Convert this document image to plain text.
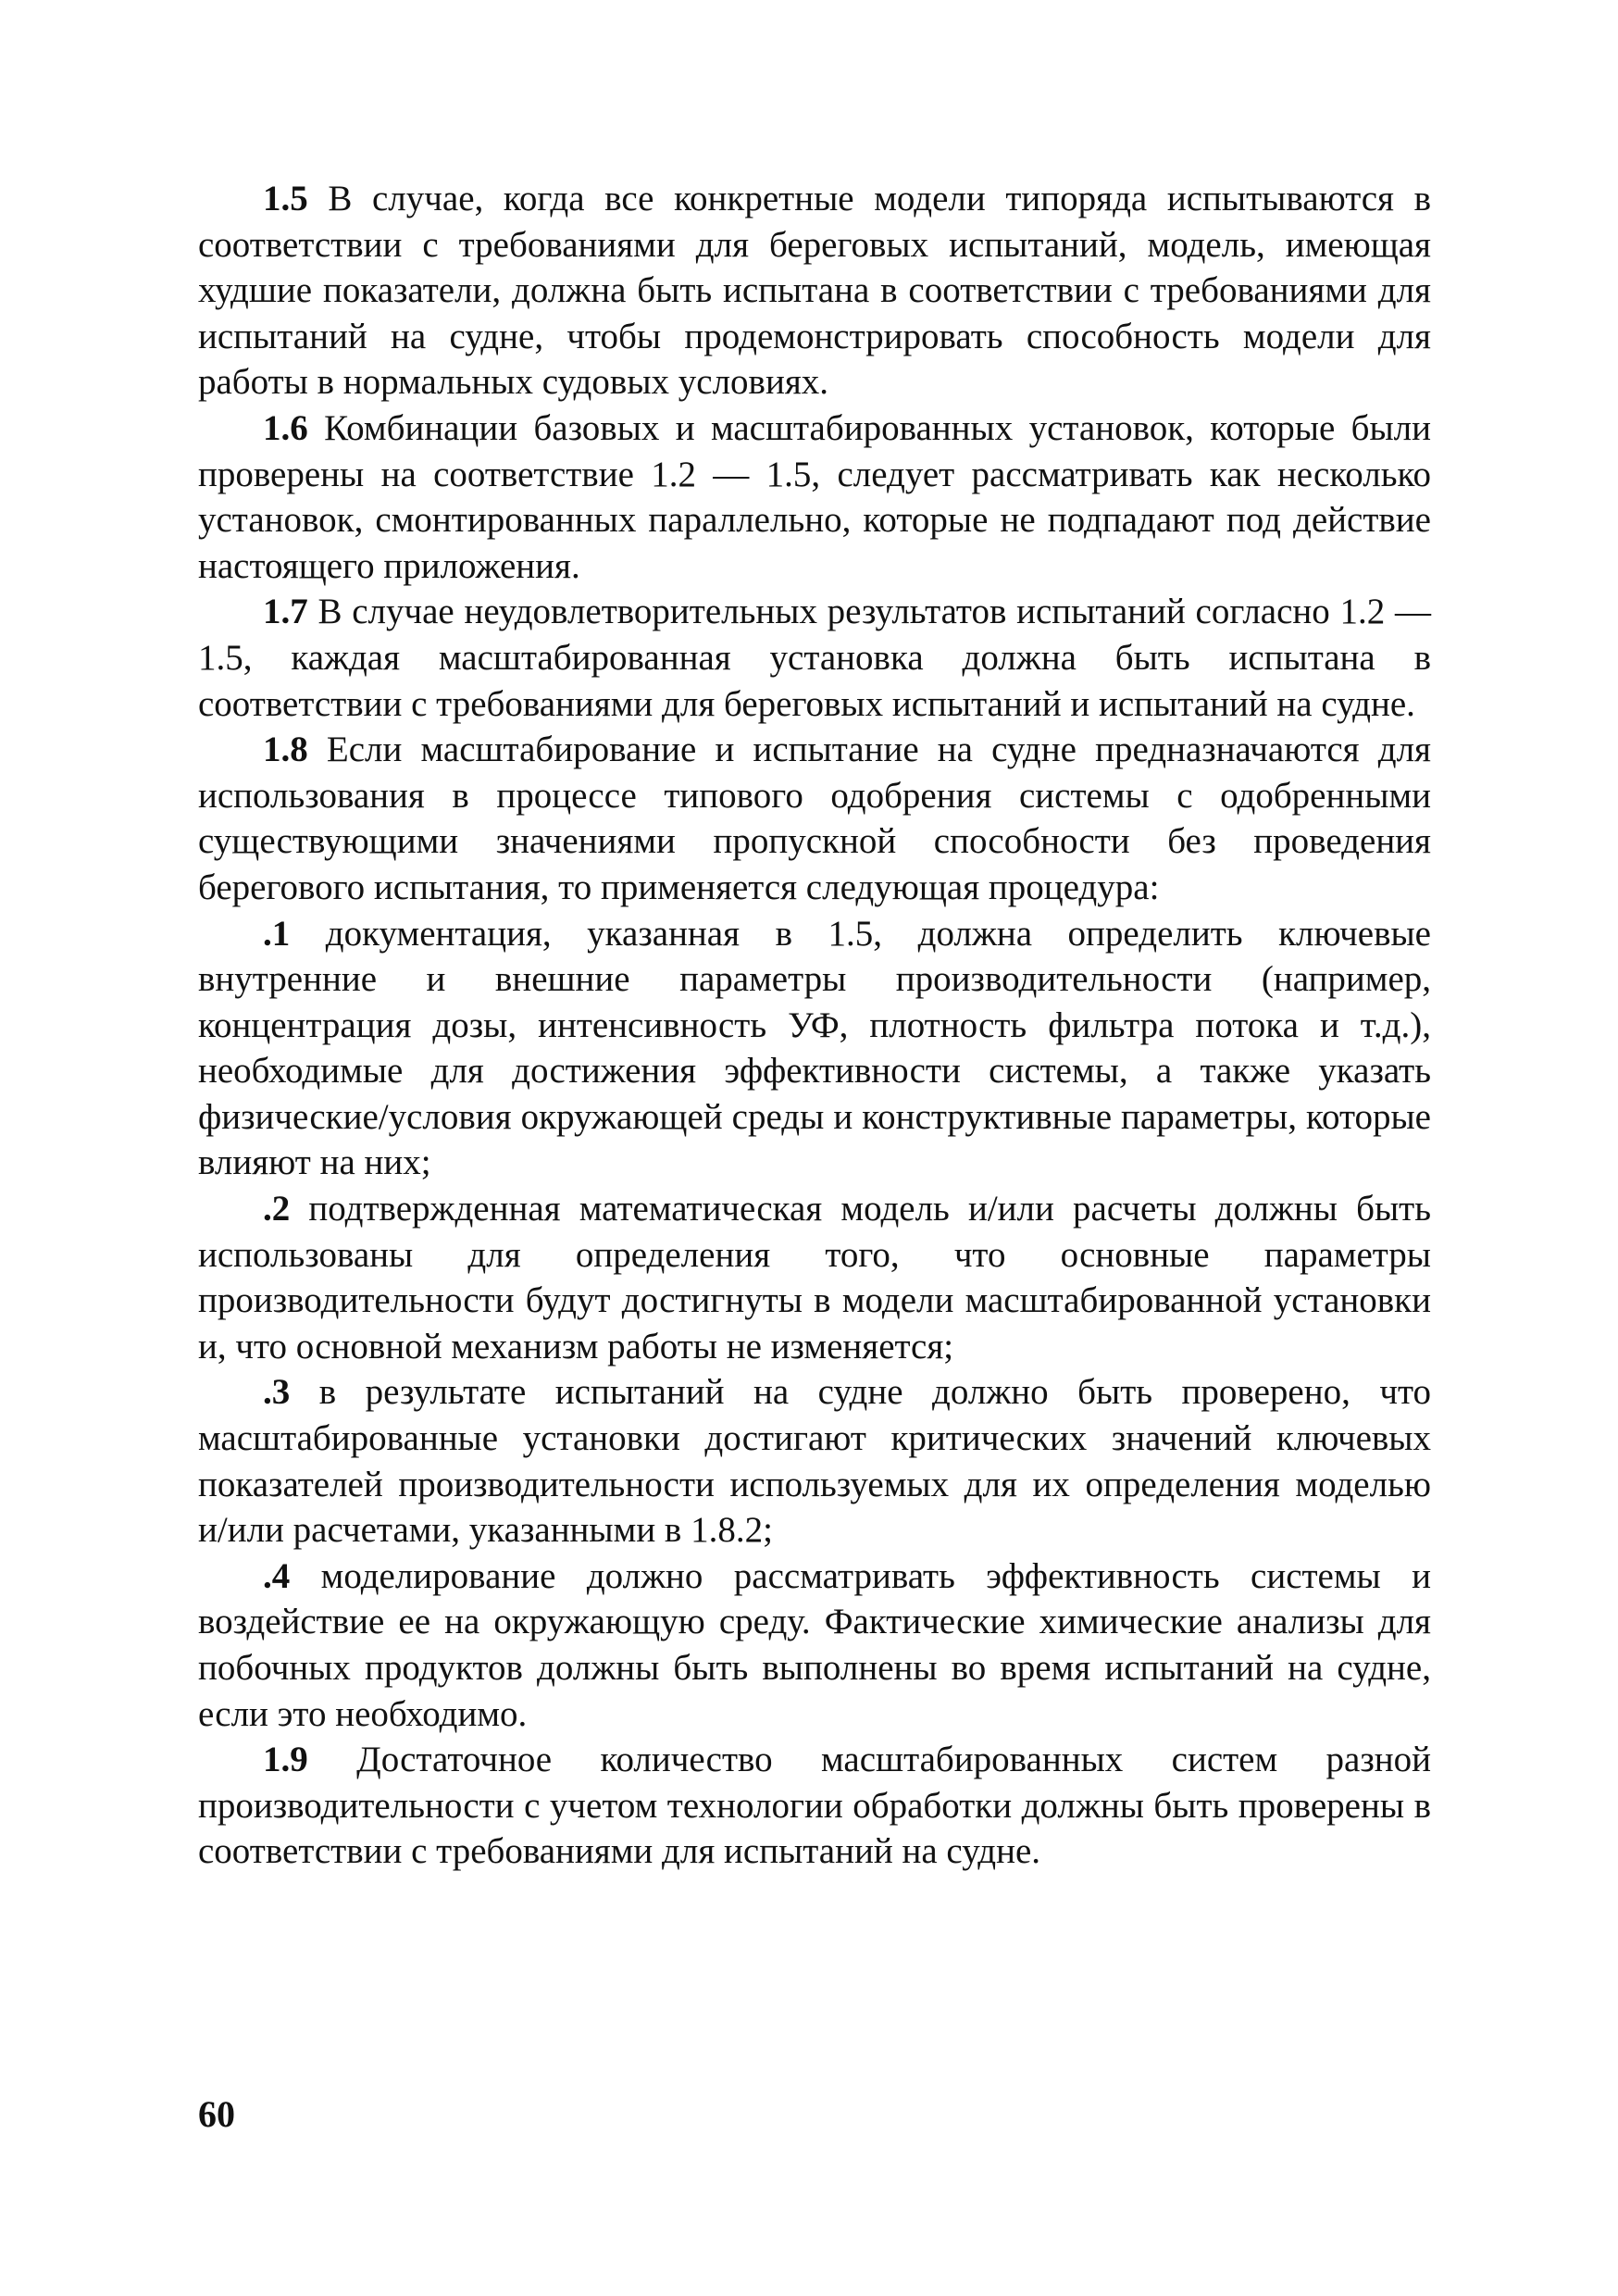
1.5 В случае, когда все конкретные модели типоряда испытываются в соответствии с требованиями для береговых испытаний, модель, имеющая худшие показатели, должна быть испытана в соответствии с требованиями для испытаний на судне, чтобы продемонстрировать способность модели для работы в нормальных судовых условиях.

1.6 Комбинации базовых и масштабированных установок, которые были проверены на соответствие 1.2 — 1.5, следует рассматривать как несколько установок, смонтированных параллельно, которые не подпадают под действие настоящего приложения.

1.7 В случае неудовлетворительных результатов испытаний согласно 1.2 — 1.5, каждая масштабированная установка должна быть испытана в соответствии с требованиями для береговых испытаний и испытаний на судне.

1.8 Если масштабирование и испытание на судне предназначаются для использования в процессе типового одобрения системы с одобренными существующими значениями пропускной способности без проведения берегового испытания, то применяется следующая процедура:

.1 документация, указанная в 1.5, должна определить ключевые внутренние и внешние параметры производительности (например, концентрация дозы, интенсивность УФ, плотность фильтра потока и т.д.), необходимые для достижения эффективности системы, а также указать физические/условия окружающей среды и конструктивные параметры, которые влияют на них;

.2 подтвержденная математическая модель и/или расчеты должны быть использованы для определения того, что основные параметры производительности будут достигнуты в модели масштабированной установки и, что основной механизм работы не изменяется;

.3 в результате испытаний на судне должно быть проверено, что масштабированные установки достигают критических значений ключевых показателей производительности используемых для их определения моделью и/или расчетами, указанными в 1.8.2;

.4 моделирование должно рассматривать эффективность системы и воздействие ее на окружающую среду. Фактические химические анализы для побочных продуктов должны быть выполнены во время испытаний на судне, если это необходимо.

1.9 Достаточное количество масштабированных систем разной производительности с учетом технологии обработки должны быть проверены в соответствии с требованиями для испытаний на судне.

60
